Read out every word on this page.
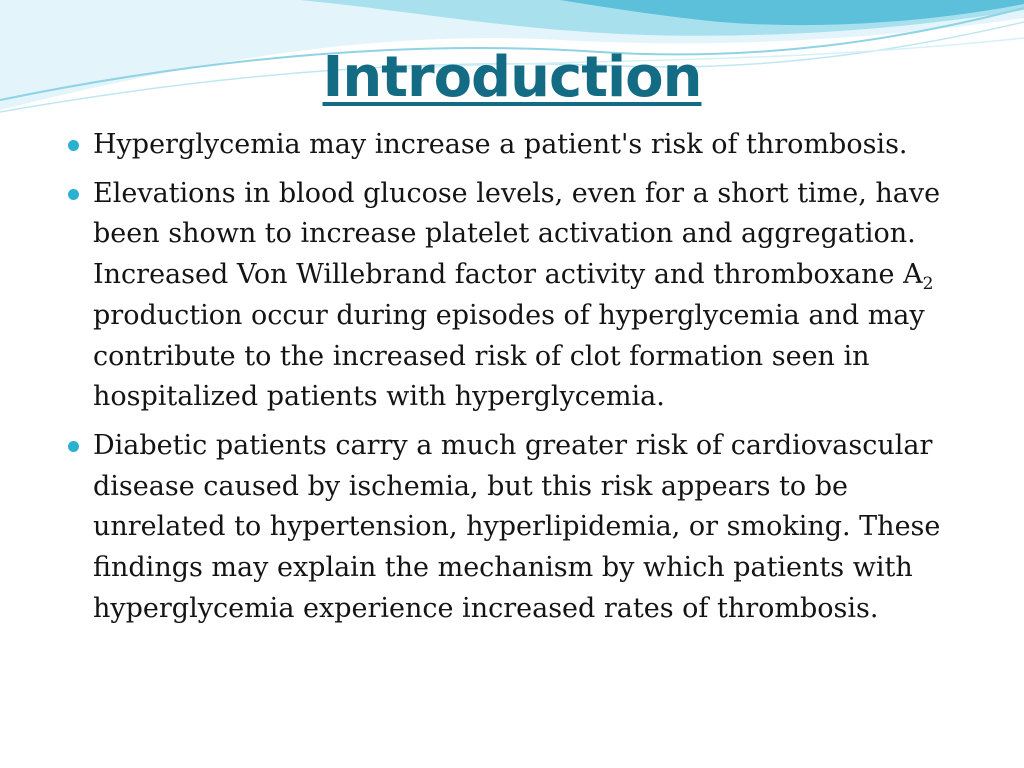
Introduction
Hyperglycemia may increase a patient's risk of thrombosis.
Elevations in blood glucose levels, even for a short time, have been shown to increase platelet activation and aggregation. Increased Von Willebrand factor activity and thromboxane $A_2$ production occur during episodes of hyperglycemia and may contribute to the increased risk of clot formation seen in hospitalized patients with hyperglycemia.
Diabetic patients carry a much greater risk of cardiovascular disease caused by ischemia, but this risk appears to be unrelated to hypertension, hyperlipidemia, or smoking. These findings may explain the mechanism by which patients with hyperglycemia experience increased rates of thrombosis.
